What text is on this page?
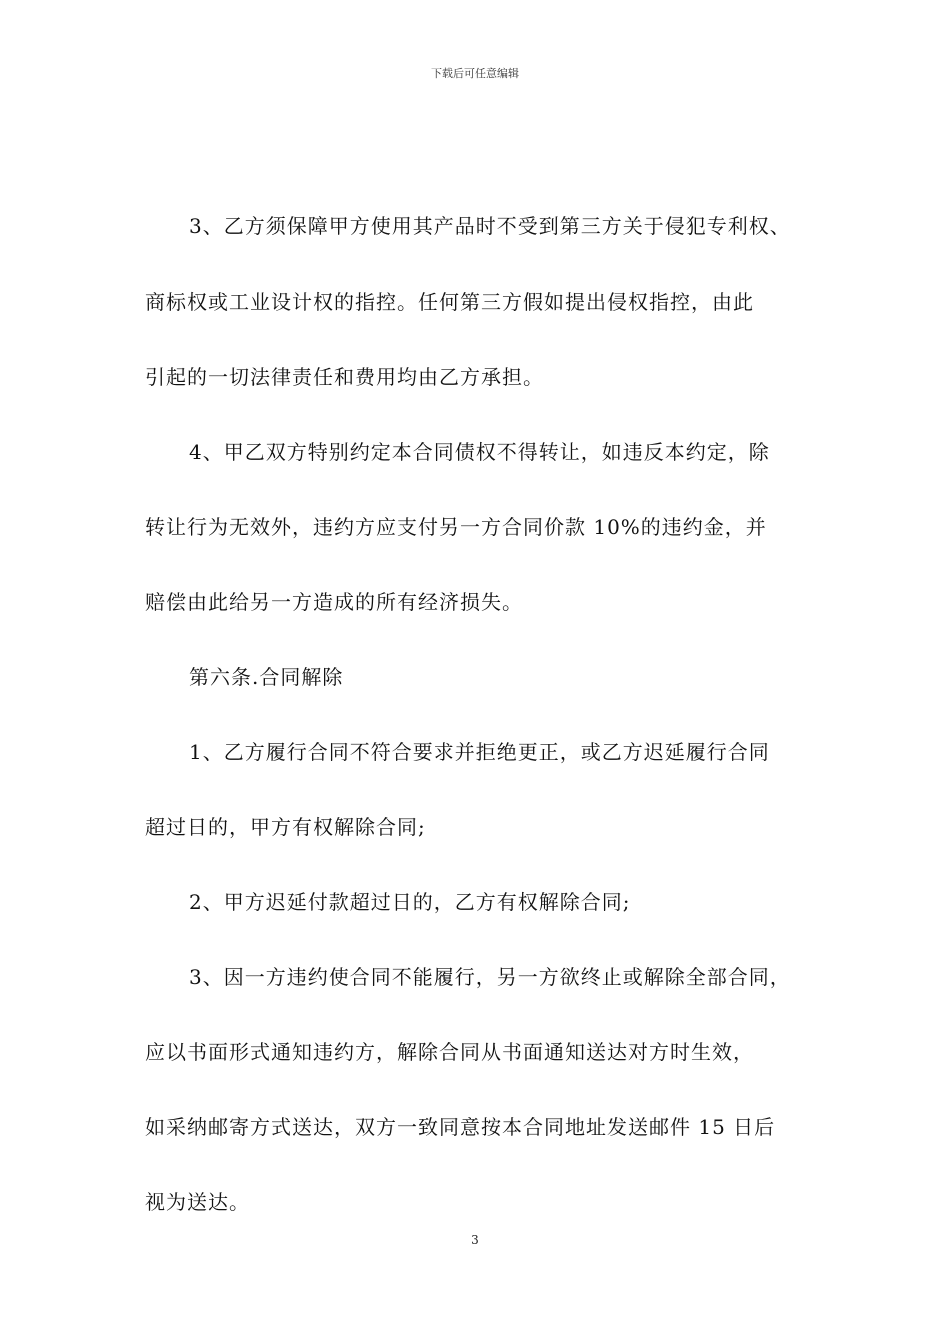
下载后可任意编辑
3、乙方须保障甲方使用其产品时不受到第三方关于侵犯专利权、
商标权或工业设计权的指控。任何第三方假如提出侵权指控，由此
引起的一切法律责任和费用均由乙方承担。
4、甲乙双方特别约定本合同债权不得转让，如违反本约定，除
转让行为无效外，违约方应支付另一方合同价款 10%的违约金，并
赔偿由此给另一方造成的所有经济损失。
第六条.合同解除
1、乙方履行合同不符合要求并拒绝更正，或乙方迟延履行合同
超过日的，甲方有权解除合同;
2、甲方迟延付款超过日的，乙方有权解除合同;
3、因一方违约使合同不能履行，另一方欲终止或解除全部合同，
应以书面形式通知违约方，解除合同从书面通知送达对方时生效，
如采纳邮寄方式送达，双方一致同意按本合同地址发送邮件 15 日后
视为送达。
3
